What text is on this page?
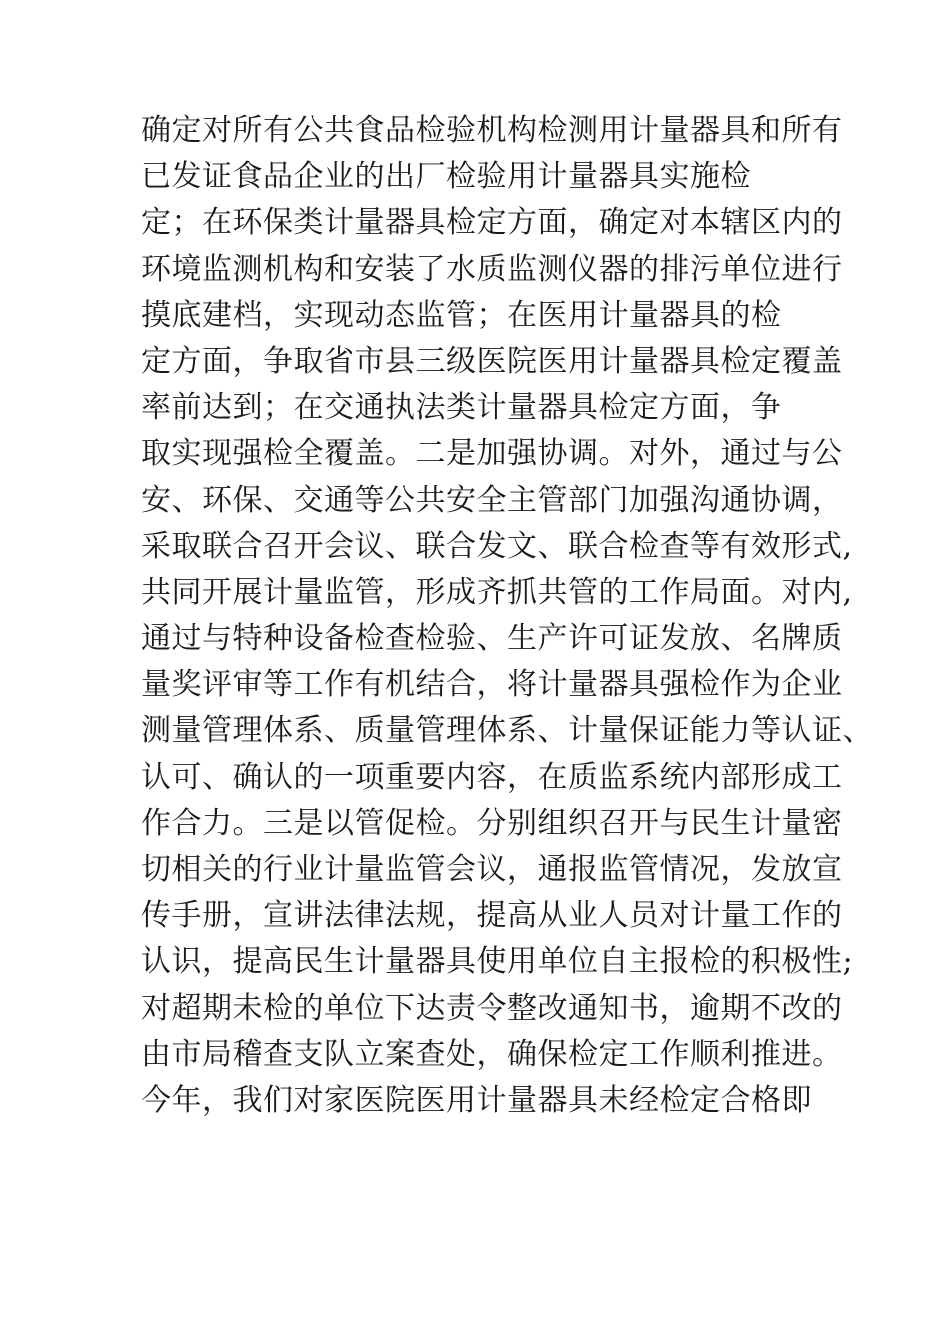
确定对所有公共食品检验机构检测用计量器具和所有
已发证食品企业的出厂检验用计量器具实施检
定；在环保类计量器具检定方面，确定对本辖区内的
环境监测机构和安装了水质监测仪器的排污单位进行
摸底建档，实现动态监管；在医用计量器具的检
定方面，争取省市县三级医院医用计量器具检定覆盖
率前达到；在交通执法类计量器具检定方面，争
取实现强检全覆盖。二是加强协调。对外，通过与公
安、环保、交通等公共安全主管部门加强沟通协调，
采取联合召开会议、联合发文、联合检查等有效形式,
共同开展计量监管，形成齐抓共管的工作局面。对内,
通过与特种设备检查检验、生产许可证发放、名牌质
量奖评审等工作有机结合，将计量器具强检作为企业
测量管理体系、质量管理体系、计量保证能力等认证、
认可、确认的一项重要内容，在质监系统内部形成工
作合力。三是以管促检。分别组织召开与民生计量密
切相关的行业计量监管会议，通报监管情况，发放宣
传手册，宣讲法律法规，提高从业人员对计量工作的
认识，提高民生计量器具使用单位自主报检的积极性;
对超期未检的单位下达责令整改通知书，逾期不改的
由市局稽查支队立案查处，确保检定工作顺利推进。
今年，我们对家医院医用计量器具未经检定合格即
